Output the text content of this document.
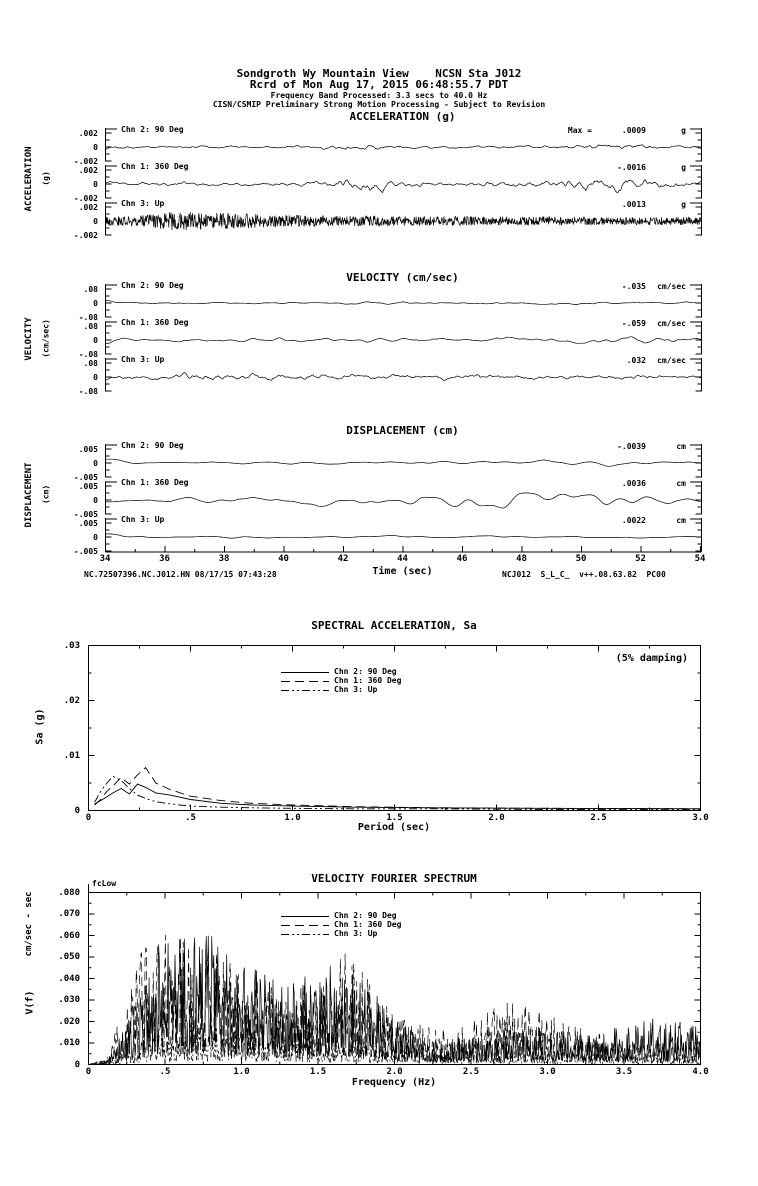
Sondgroth Wy Mountain View    NCSN Sta J012
Rcrd of Mon Aug 17, 2015 06:48:55.7 PDT
Frequency Band Processed: 3.3 secs to 40.0 Hz
CISN/CSMIP Preliminary Strong Motion Processing - Subject to Revision
ACCELERATION (g)
VELOCITY (cm/sec)
DISPLACEMENT (cm)
SPECTRAL ACCELERATION, Sa
VELOCITY FOURIER SPECTRUM
ACCELERATION (g)
VELOCITY (cm/sec)
DISPLACEMENT (cm)
Sa (g)
cm/sec - sec
V(f)
Time (sec)
NC.72507396.NC.J012.HN 08/17/15 07:43:28	NCJ012  S_L_C_  v++.08.63.82  PC00
(5% damping)
Period (sec)
fcLow
Frequency (Hz)
.002
0
-.002
Chn 2: 90 Deg	Max =	.0009	g
.002
0
-.002
Chn 1: 360 Deg	-.0016	g
.002
0
-.002
Chn 3: Up	.0013	g
.08
0
-.08
Chn 2: 90 Deg	-.035	cm/sec
.08
0
-.08
Chn 1: 360 Deg	-.059	cm/sec
.08
0
-.08
Chn 3: Up	.032	cm/sec
.005
0
-.005
Chn 2: 90 Deg	-.0039	cm
.005
0
-.005
Chn 1: 360 Deg	.0036	cm
.005
0
-.005
Chn 3: Up	.0022	cm
34	36	38	40	42	44	46	48	50	52	54
0	.5	1.0	1.5	2.0	2.5	3.0
0
.01
.02
.03
Chn 2: 90 Deg
Chn 1: 360 Deg
Chn 3: Up
0	.5	1.0	1.5	2.0	2.5	3.0	3.5	4.0
.080
.070
.060
.050
.040
.030
.020
.010
0
Chn 2: 90 Deg
Chn 1: 360 Deg
Chn 3: Up
